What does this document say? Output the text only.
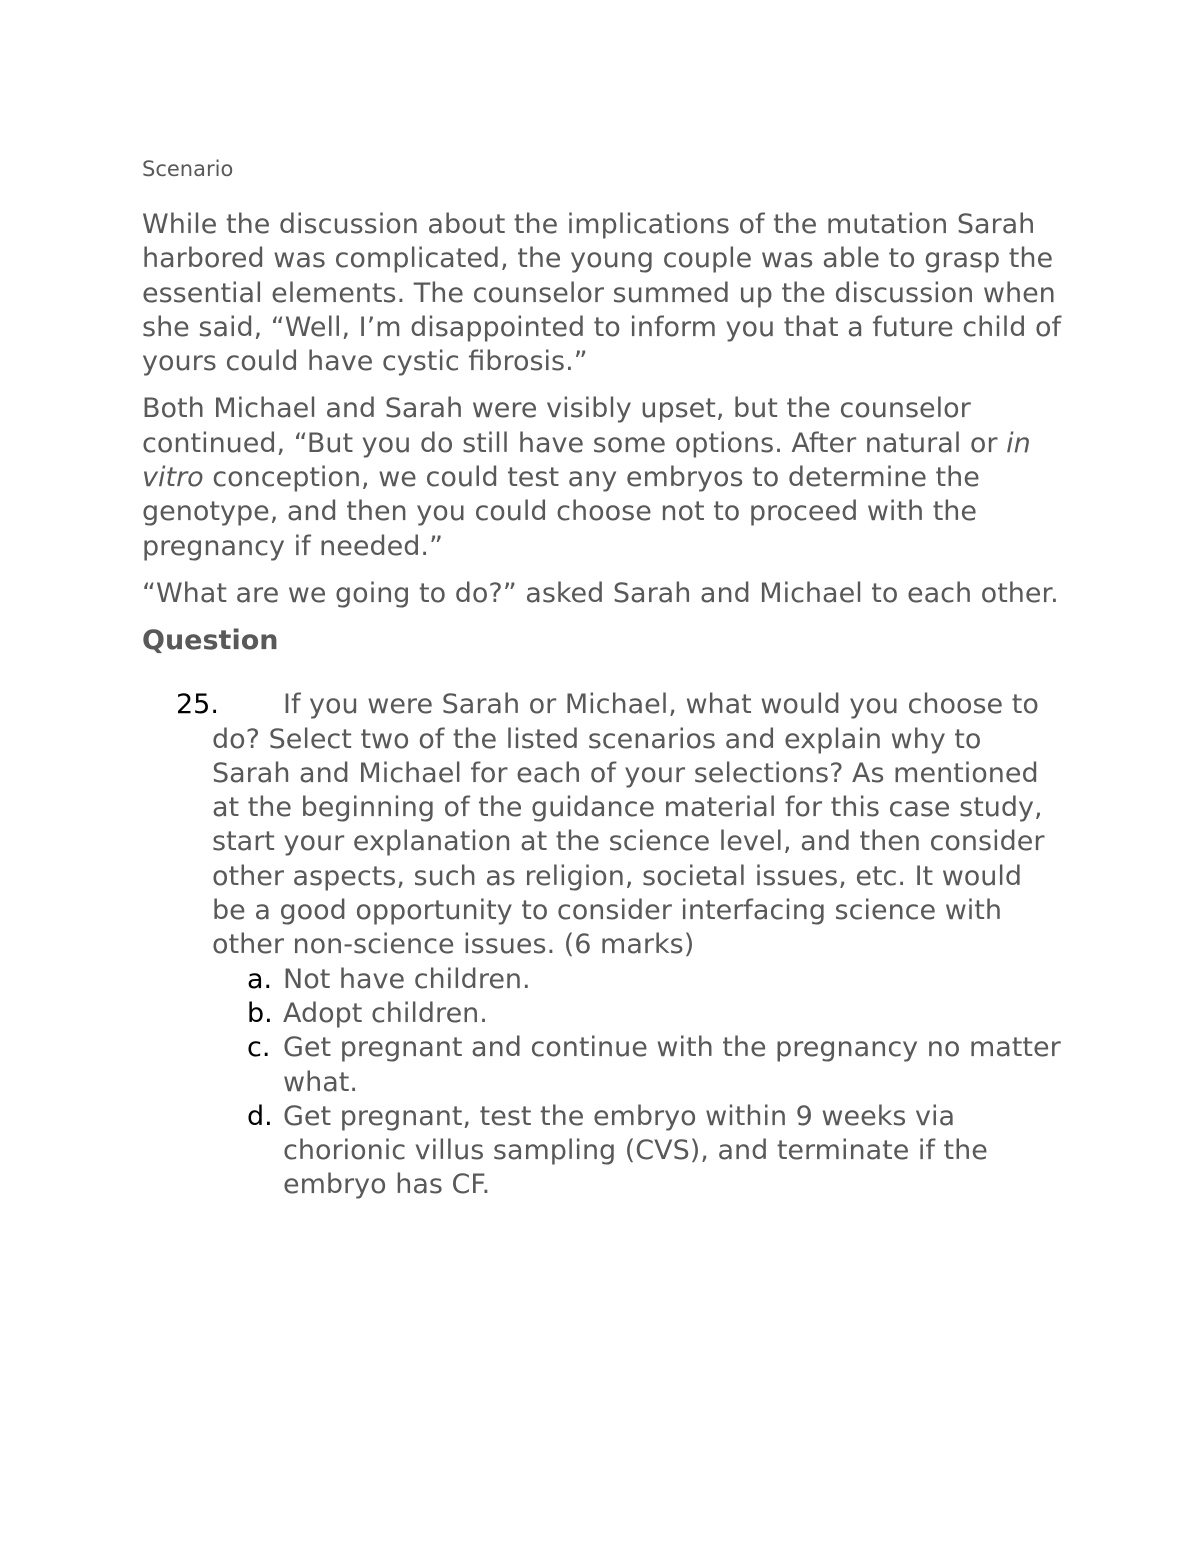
Scenario

While the discussion about the implications of the mutation Sarah harbored was complicated, the young couple was able to grasp the essential elements. The counselor summed up the discussion when she said, “Well, I’m disappointed to inform you that a future child of yours could have cystic fibrosis.”

Both Michael and Sarah were visibly upset, but the counselor continued, “But you do still have some options. After natural or in vitro conception, we could test any embryos to determine the genotype, and then you could choose not to proceed with the pregnancy if needed.”

“What are we going to do?” asked Sarah and Michael to each other.

Question
25.	If you were Sarah or Michael, what would you choose to do? Select two of the listed scenarios and explain why to Sarah and Michael for each of your selections? As mentioned at the beginning of the guidance material for this case study, start your explanation at the science level, and then consider other aspects, such as religion, societal issues, etc. It would be a good opportunity to consider interfacing science with other non-science issues. (6 marks)

a. Not have children.
b. Adopt children.
c. Get pregnant and continue with the pregnancy no matter what.
d. Get pregnant, test the embryo within 9 weeks via chorionic villus sampling (CVS), and terminate if the embryo has CF.
